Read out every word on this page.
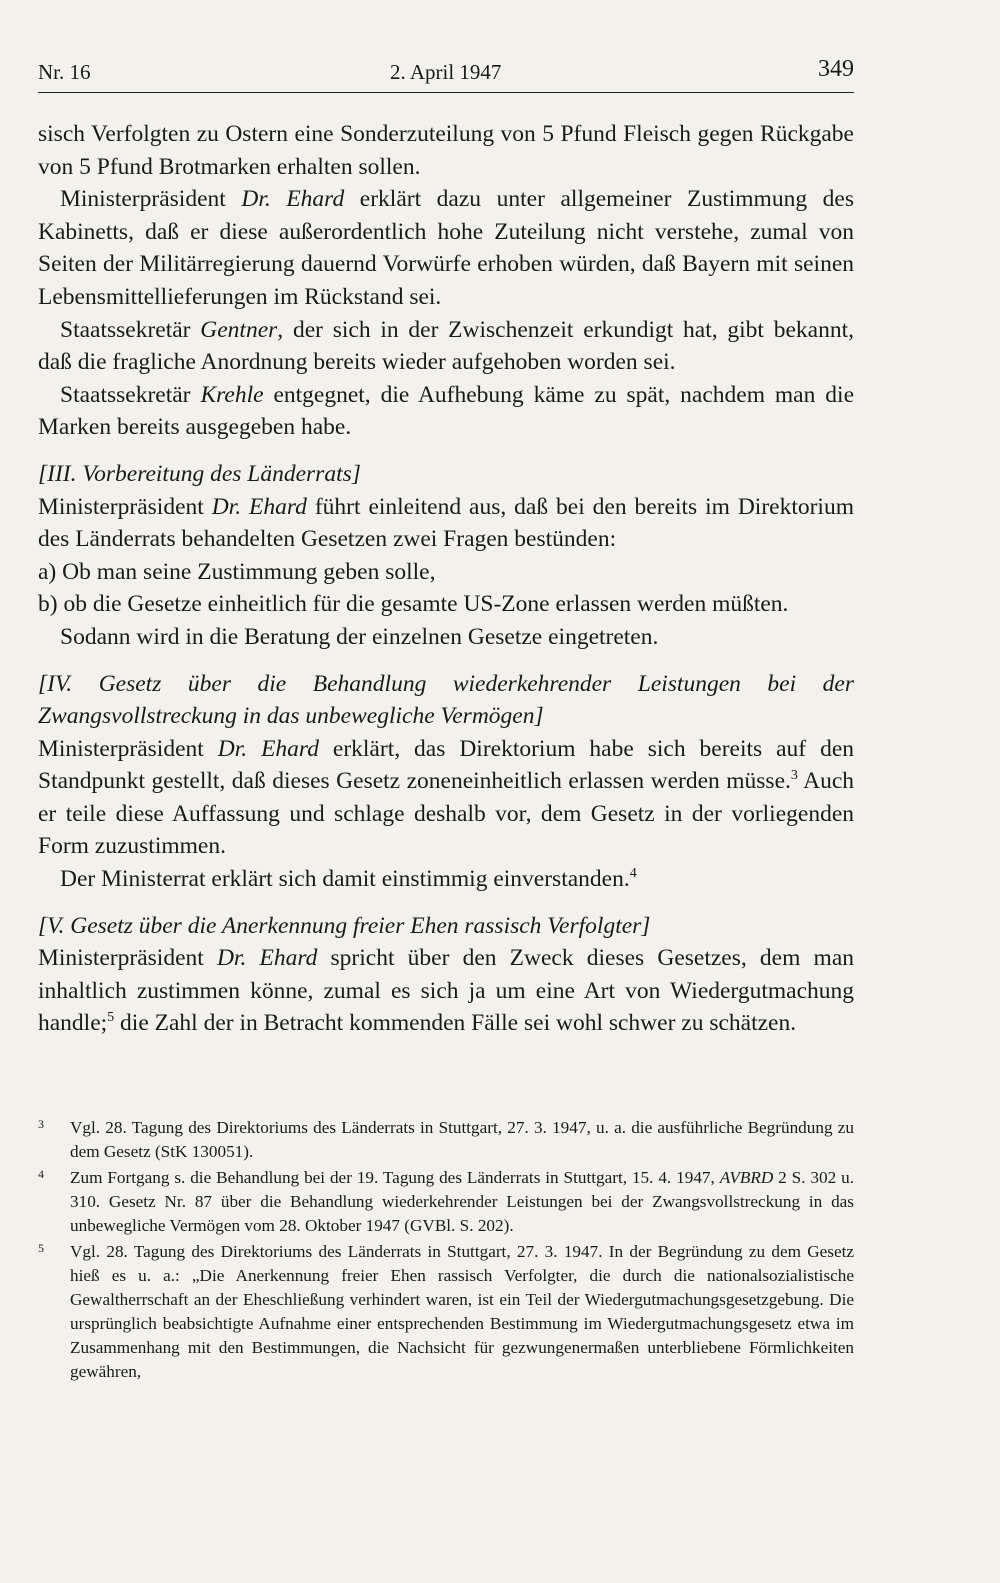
Nr. 16	2. April 1947	349

sisch Verfolgten zu Ostern eine Sonderzuteilung von 5 Pfund Fleisch gegen Rückgabe von 5 Pfund Brotmarken erhalten sollen.

Ministerpräsident Dr. Ehard erklärt dazu unter allgemeiner Zustimmung des Kabinetts, daß er diese außerordentlich hohe Zuteilung nicht verstehe, zumal von Seiten der Militärregierung dauernd Vorwürfe erhoben würden, daß Bayern mit seinen Lebensmittellieferungen im Rückstand sei.

Staatssekretär Gentner, der sich in der Zwischenzeit erkundigt hat, gibt bekannt, daß die fragliche Anordnung bereits wieder aufgehoben worden sei.

Staatssekretär Krehle entgegnet, die Aufhebung käme zu spät, nachdem man die Marken bereits ausgegeben habe.

[III. Vorbereitung des Länderrats]

Ministerpräsident Dr. Ehard führt einleitend aus, daß bei den bereits im Direktorium des Länderrats behandelten Gesetzen zwei Fragen bestünden:

a) Ob man seine Zustimmung geben solle,

b) ob die Gesetze einheitlich für die gesamte US-Zone erlassen werden müßten.

Sodann wird in die Beratung der einzelnen Gesetze eingetreten.

[IV. Gesetz über die Behandlung wiederkehrender Leistungen bei der Zwangsvollstreckung in das unbewegliche Vermögen]

Ministerpräsident Dr. Ehard erklärt, das Direktorium habe sich bereits auf den Standpunkt gestellt, daß dieses Gesetz zoneneinheitlich erlassen werden müsse.$^3$ Auch er teile diese Auffassung und schlage deshalb vor, dem Gesetz in der vorliegenden Form zuzustimmen.

Der Ministerrat erklärt sich damit einstimmig einverstanden.$^4$

[V. Gesetz über die Anerkennung freier Ehen rassisch Verfolgter]

Ministerpräsident Dr. Ehard spricht über den Zweck dieses Gesetzes, dem man inhaltlich zustimmen könne, zumal es sich ja um eine Art von Wiedergutmachung handle;$^5$ die Zahl der in Betracht kommenden Fälle sei wohl schwer zu schätzen.

3 Vgl. 28. Tagung des Direktoriums des Länderrats in Stuttgart, 27. 3. 1947, u. a. die ausführliche Begründung zu dem Gesetz (StK 130051).
4 Zum Fortgang s. die Behandlung bei der 19. Tagung des Länderrats in Stuttgart, 15. 4. 1947, AVBRD 2 S. 302 u. 310. Gesetz Nr. 87 über die Behandlung wiederkehrender Leistungen bei der Zwangsvollstreckung in das unbewegliche Vermögen vom 28. Oktober 1947 (GVBl. S. 202).
5 Vgl. 28. Tagung des Direktoriums des Länderrats in Stuttgart, 27. 3. 1947. In der Begründung zu dem Gesetz hieß es u. a.: „Die Anerkennung freier Ehen rassisch Verfolgter, die durch die nationalsozialistische Gewaltherrschaft an der Eheschließung verhindert waren, ist ein Teil der Wiedergutmachungsgesetzgebung. Die ursprünglich beabsichtigte Aufnahme einer entsprechenden Bestimmung im Wiedergutmachungsgesetz etwa im Zusammenhang mit den Bestimmungen, die Nachsicht für gezwungenermaßen unterbliebene Förmlichkeiten gewähren,
